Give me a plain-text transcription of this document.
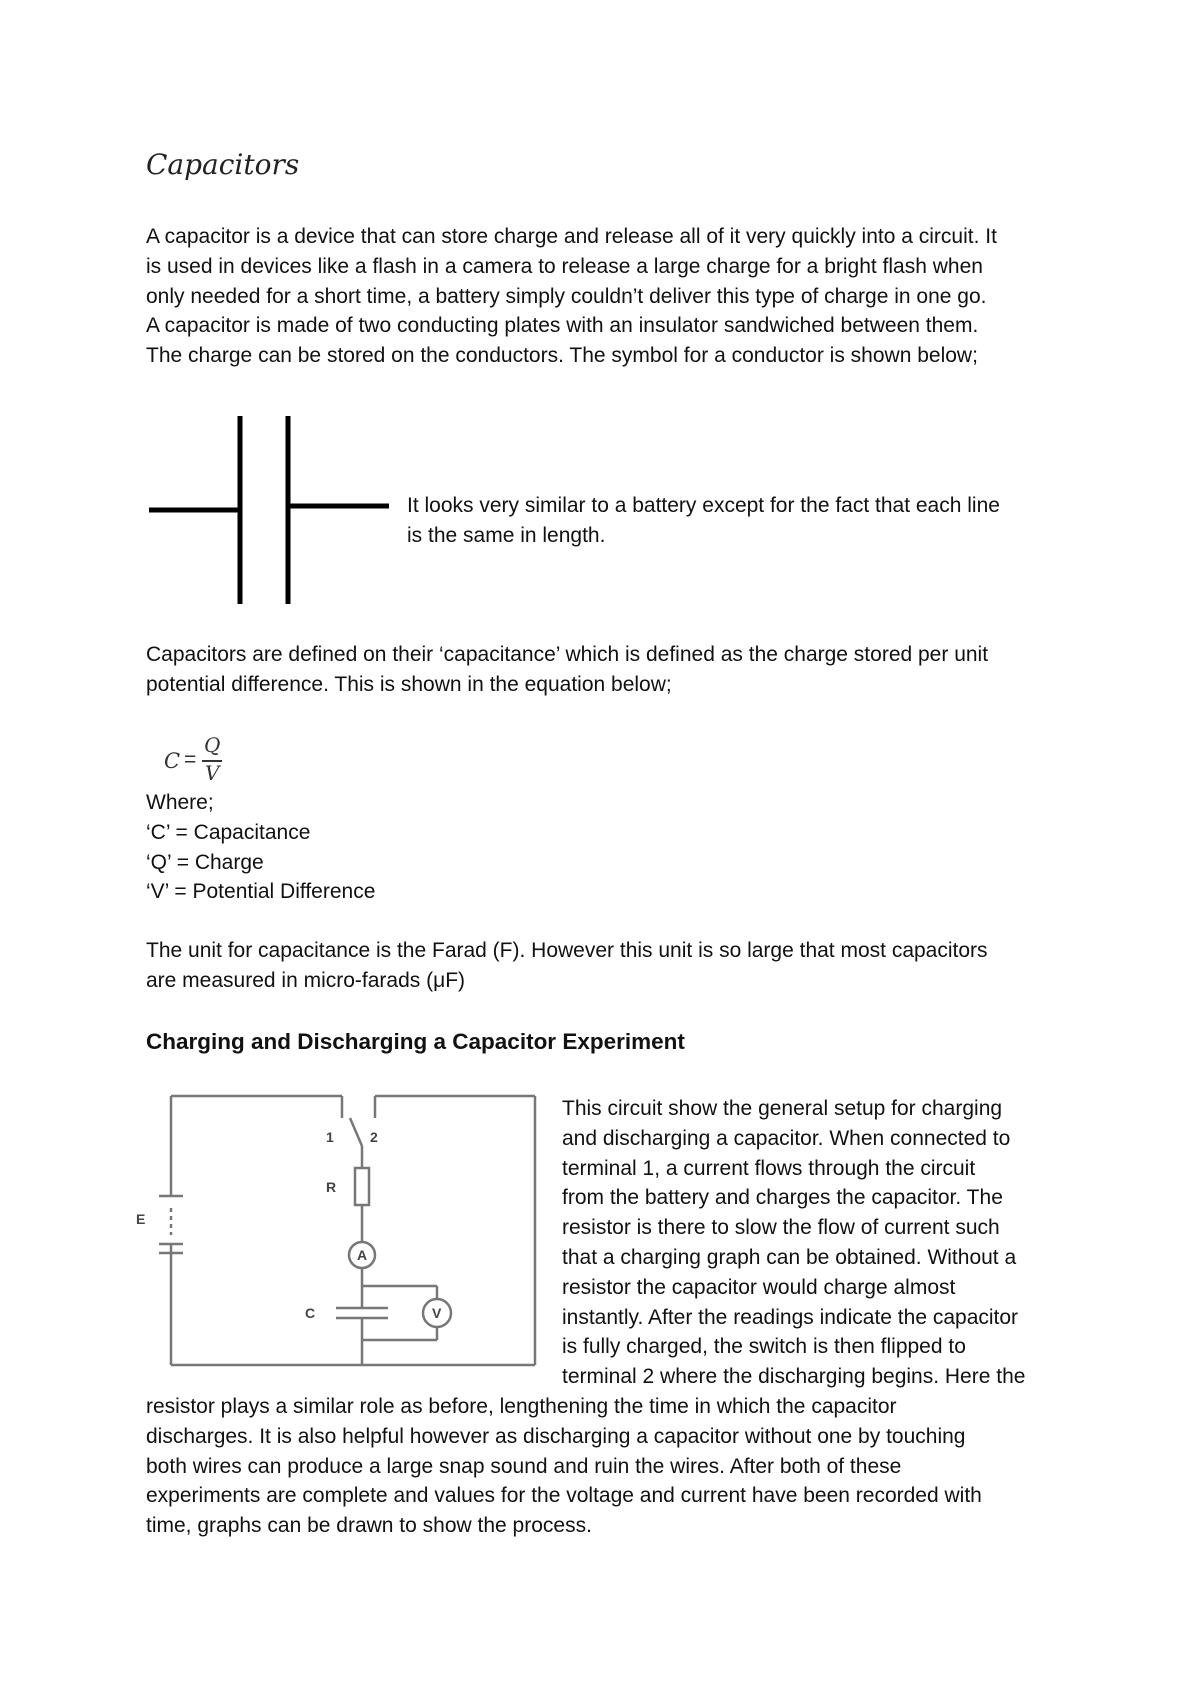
Capacitors
A capacitor is a device that can store charge and release all of it very quickly into a circuit. It
is used in devices like a flash in a camera to release a large charge for a bright flash when
only needed for a short time, a battery simply couldn’t deliver this type of charge in one go.
A capacitor is made of two conducting plates with an insulator sandwiched between them.
The charge can be stored on the conductors. The symbol for a conductor is shown below;
It looks very similar to a battery except for the fact that each line
is the same in length.
Capacitors are defined on their ‘capacitance’ which is defined as the charge stored per unit
potential difference. This is shown in the equation below;
C =
Q
V
Where;
‘C’ = Capacitance
‘Q’ = Charge
‘V’ = Potential Difference
The unit for capacitance is the Farad (F). However this unit is so large that most capacitors
are measured in micro-farads (μF)
Charging and Discharging a Capacitor Experiment
1	2
R
E
A
C	V
This circuit show the general setup for charging
and discharging a capacitor. When connected to
terminal 1, a current flows through the circuit
from the battery and charges the capacitor. The
resistor is there to slow the flow of current such
that a charging graph can be obtained. Without a
resistor the capacitor would charge almost
instantly. After the readings indicate the capacitor
is fully charged, the switch is then flipped to
terminal 2 where the discharging begins. Here the
resistor plays a similar role as before, lengthening the time in which the capacitor
discharges. It is also helpful however as discharging a capacitor without one by touching
both wires can produce a large snap sound and ruin the wires. After both of these
experiments are complete and values for the voltage and current have been recorded with
time, graphs can be drawn to show the process.
